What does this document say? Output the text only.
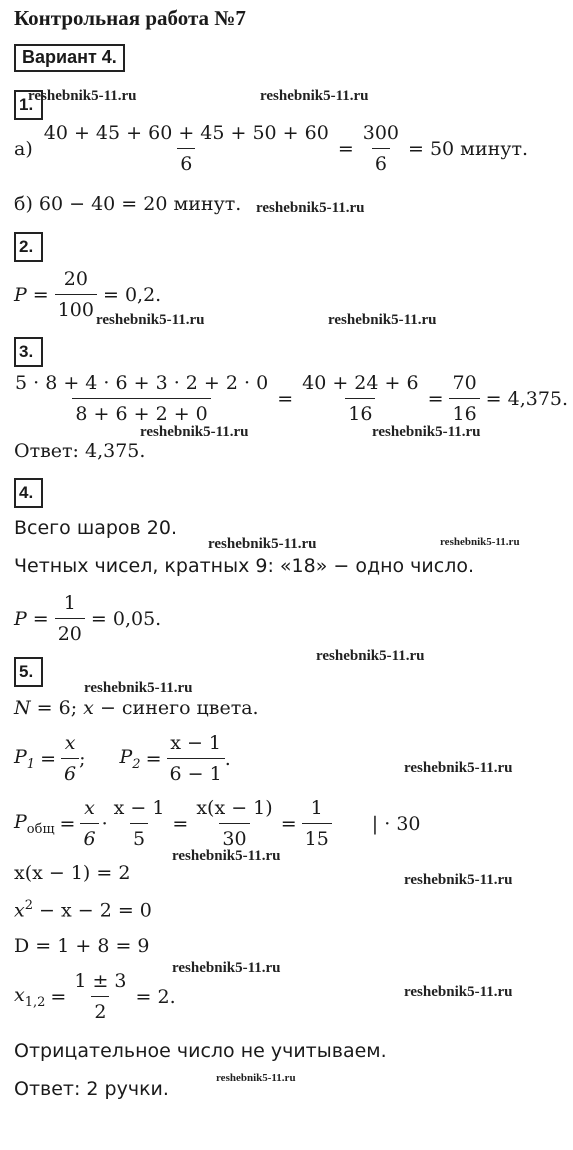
Контрольная работа №7
Вариант 4.
1.
$а) \frac{40 + 45 + 60 + 45 + 50 + 60}{6} = \frac{300}{6} = 50$ минут.
б) 60 − 40 = 20 минут.
2.
$P = \frac{20}{100} = 0,2$.
3.
$\frac{5 \cdot 8 + 4 \cdot 6 + 3 \cdot 2 + 2 \cdot 0}{8 + 6 + 2 + 0} = \frac{40 + 24 + 6}{16} = \frac{70}{16} = 4,375$.
Ответ: 4,375.
4.
Всего шаров 20.
Четных чисел, кратных 9: «18» − одно число.
$P = \frac{1}{20} = 0,05$.
5.
N = 6; x − синего цвета.
$P_1 = \frac{x}{6}$ ; $P_2 = \frac{x - 1}{6 - 1}$ .
$P_{общ} = \frac{x}{6} \cdot \frac{x - 1}{5} = \frac{x(x - 1)}{30} = \frac{1}{15}$ | · 30
x(x − 1) = 2
$x^2 - x - 2 = 0$
D = 1 + 8 = 9
$x_{1,2} = \frac{1 \pm 3}{2} = 2$.
Отрицательное число не учитываем.
Ответ: 2 ручки.
reshebnik5-11.ru	reshebnik5-11.ru
reshebnik5-11.ru
reshebnik5-11.ru	reshebnik5-11.ru
reshebnik5-11.ru	reshebnik5-11.ru
reshebnik5-11.ru	reshebnik5-11.ru
reshebnik5-11.ru
reshebnik5-11.ru
reshebnik5-11.ru
reshebnik5-11.ru
reshebnik5-11.ru
reshebnik5-11.ru
reshebnik5-11.ru
reshebnik5-11.ru
